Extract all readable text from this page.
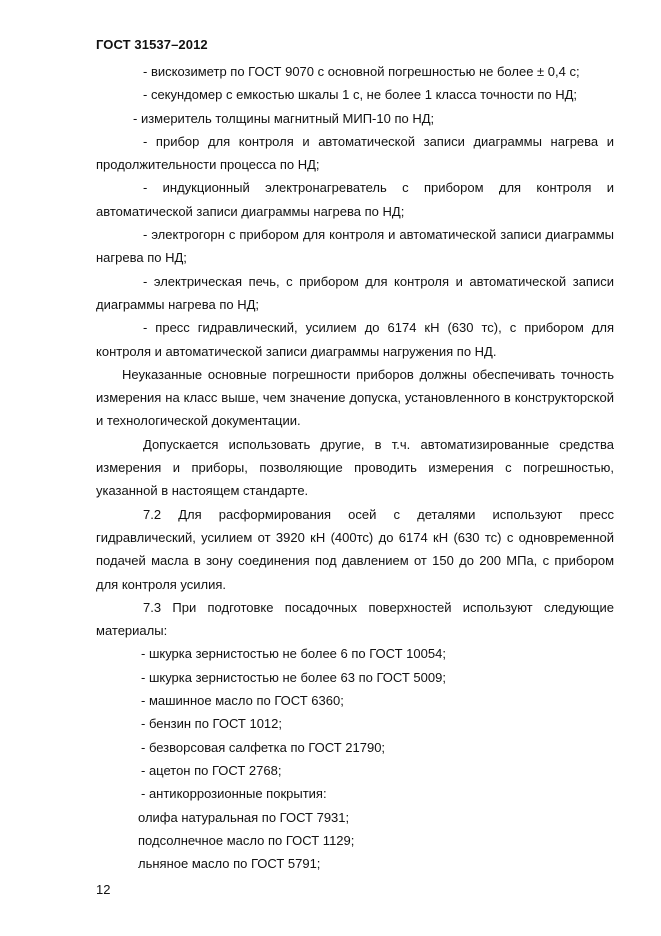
ГОСТ 31537–2012

- вискозиметр по ГОСТ 9070 с основной погрешностью не более ± 0,4 с;

- секундомер с емкостью шкалы 1 с, не более 1 класса точности по НД;

- измеритель толщины магнитный МИП-10 по НД;

- прибор для контроля и автоматической записи диаграммы нагрева и продолжительности процесса по НД;

- индукционный электронагреватель с прибором для контроля и автоматической записи диаграммы нагрева по НД;

- электрогорн с прибором для контроля и автоматической записи диаграммы нагрева по НД;

- электрическая печь, с прибором для контроля и автоматической записи диаграммы нагрева по НД;

- пресс гидравлический, усилием до 6174 кН (630 тс), с прибором для контроля и автоматической записи диаграммы нагружения по НД.

Неуказанные основные погрешности приборов должны обеспечивать точность измерения на класс выше, чем значение допуска, установленного в конструкторской и технологической документации.

Допускается использовать другие, в т.ч. автоматизированные средства измерения и приборы, позволяющие проводить измерения с погрешностью, указанной в настоящем стандарте.

7.2 Для расформирования осей с деталями используют пресс гидравлический, усилием от 3920 кН (400тс) до 6174 кН (630 тс) с одновременной подачей масла в зону соединения под давлением от 150 до 200 МПа, с прибором для контроля усилия.

7.3 При подготовке посадочных поверхностей используют следующие материалы:

- шкурка зернистостью не более 6 по ГОСТ 10054;

- шкурка зернистостью не более 63 по ГОСТ 5009;

- машинное масло по ГОСТ 6360;

- бензин по ГОСТ 1012;

- безворсовая салфетка по ГОСТ 21790;

- ацетон по ГОСТ 2768;

- антикоррозионные покрытия:

олифа натуральная по ГОСТ 7931;

подсолнечное масло по ГОСТ 1129;

льняное масло по ГОСТ 5791;

12
